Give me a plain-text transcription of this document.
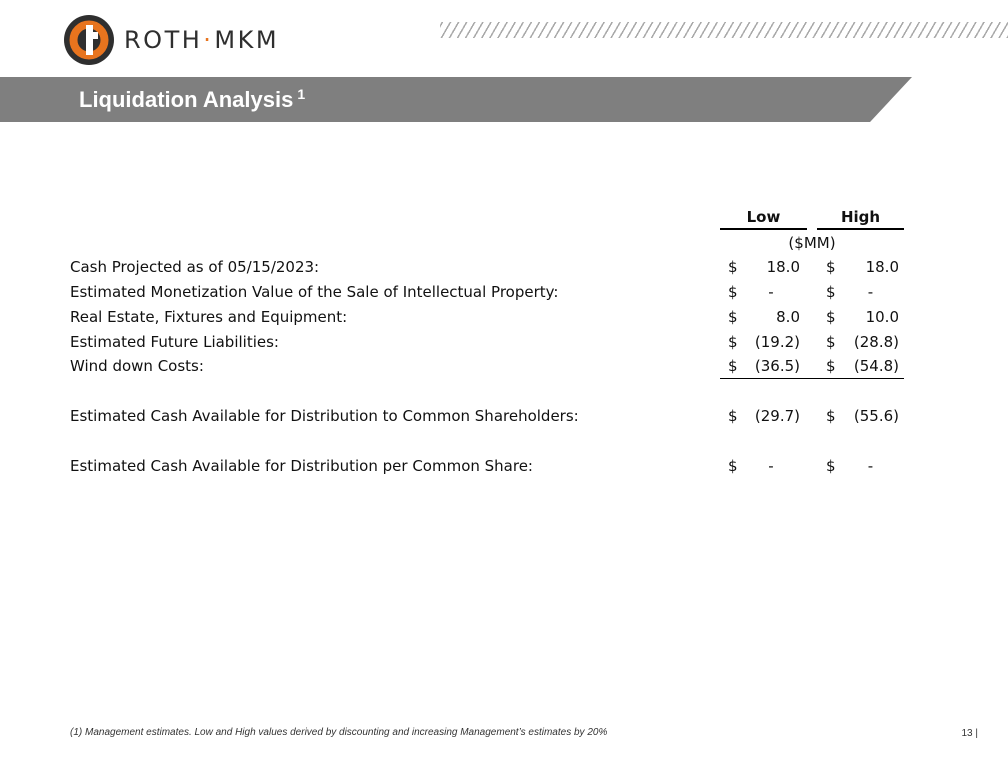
ROTH·MKM
Liquidation Analysis $^1$
Low	High
($MM)
Cash Projected as of 05/15/2023:	$	18.0 $	18.0
Estimated Monetization Value of the Sale of Intellectual Property:	$	-	$	-
Real Estate, Fixtures and Equipment:	$	8.0 $	10.0
Estimated Future Liabilities:	$	(19.2) $	(28.8)
Wind down Costs:	$	(36.5) $	(54.8)
Estimated Cash Available for Distribution to Common Shareholders:	$	(29.7) $	(55.6)
Estimated Cash Available for Distribution per Common Share:	$	-	$	-
(1) Management estimates. Low and High values derived by discounting and increasing Management’s estimates by 20%	13 |
